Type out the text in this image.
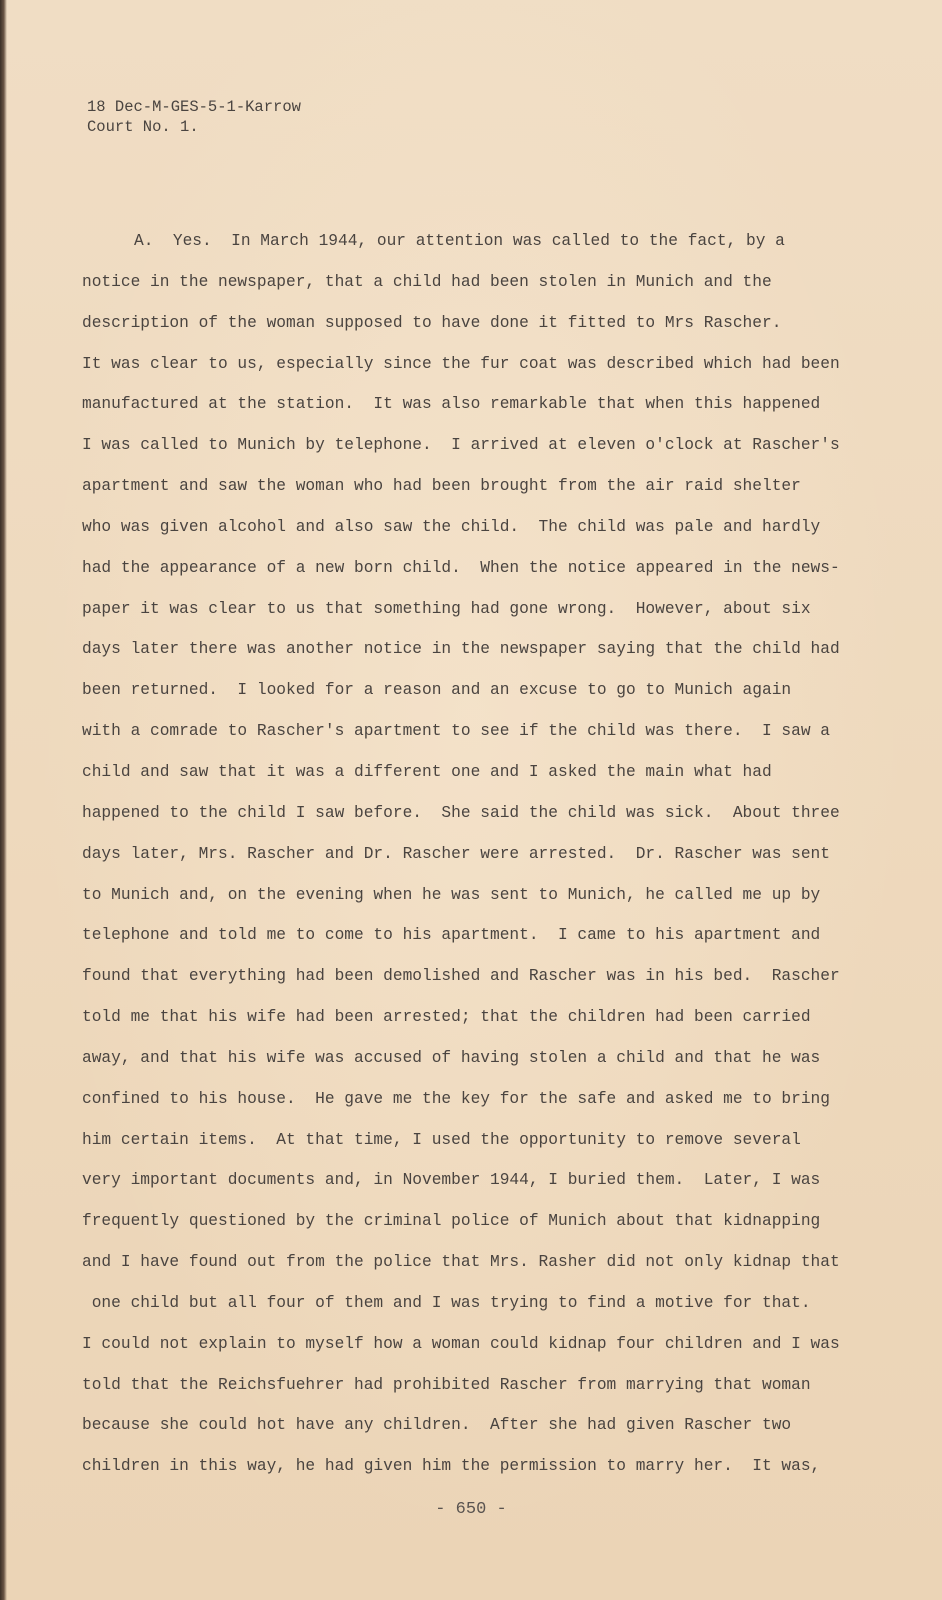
18 Dec-M-GES-5-1-Karrow
Court No. 1.
A.  Yes.  In March 1944, our attention was called to the fact, by a
notice in the newspaper, that a child had been stolen in Munich and the
description of the woman supposed to have done it fitted to Mrs Rascher.
It was clear to us, especially since the fur coat was described which had been
manufactured at the station.  It was also remarkable that when this happened
I was called to Munich by telephone.  I arrived at eleven o'clock at Rascher's
apartment and saw the woman who had been brought from the air raid shelter
who was given alcohol and also saw the child.  The child was pale and hardly
had the appearance of a new born child.  When the notice appeared in the news-
paper it was clear to us that something had gone wrong.  However, about six
days later there was another notice in the newspaper saying that the child had
been returned.  I looked for a reason and an excuse to go to Munich again
with a comrade to Rascher's apartment to see if the child was there.  I saw a
child and saw that it was a different one and I asked the main what had
happened to the child I saw before.  She said the child was sick.  About three
days later, Mrs. Rascher and Dr. Rascher were arrested.  Dr. Rascher was sent
to Munich and, on the evening when he was sent to Munich, he called me up by
telephone and told me to come to his apartment.  I came to his apartment and
found that everything had been demolished and Rascher was in his bed.  Rascher
told me that his wife had been arrested; that the children had been carried
away, and that his wife was accused of having stolen a child and that he was
confined to his house.  He gave me the key for the safe and asked me to bring
him certain items.  At that time, I used the opportunity to remove several
very important documents and, in November 1944, I buried them.  Later, I was
frequently questioned by the criminal police of Munich about that kidnapping
and I have found out from the police that Mrs. Rasher did not only kidnap that
one child but all four of them and I was trying to find a motive for that.
I could not explain to myself how a woman could kidnap four children and I was
told that the Reichsfuehrer had prohibited Rascher from marrying that woman
because she could hot have any children.  After she had given Rascher two
children in this way, he had given him the permission to marry her.  It was,
- 650 -
